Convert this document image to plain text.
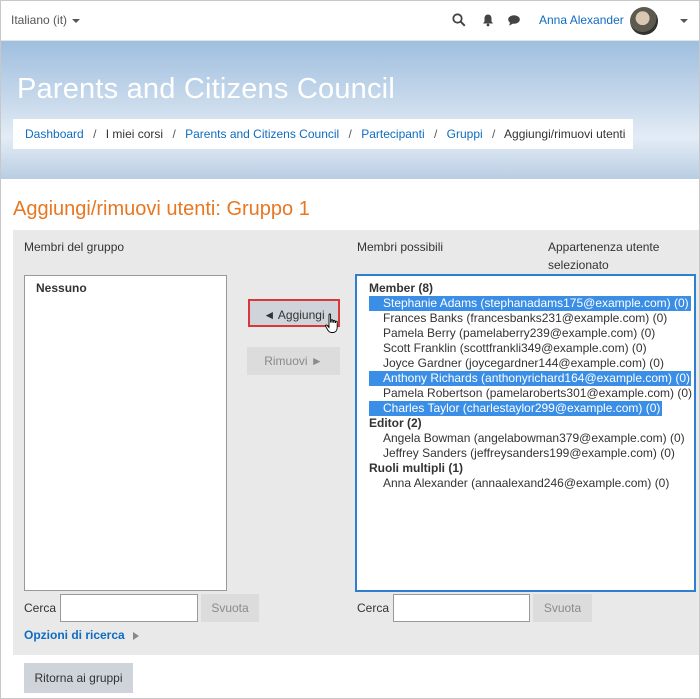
Italiano (it)	Anna Alexander
Parents and Citizens Council
Dashboard / I miei corsi / Parents and Citizens Council / Partecipanti / Gruppi / Aggiungi/rimuovi utenti
Aggiungi/rimuovi utenti: Gruppo 1
Membri del gruppo
Nessuno
Cerca	Svuota
◄ Aggiungi
Rimuovi ►
Membri possibili	Appartenenza utente
selezionato
Member (8)
Stephanie Adams (stephanadams175@example.com) (0)
Frances Banks (francesbanks231@example.com) (0)
Pamela Berry (pamelaberry239@example.com) (0)
Scott Franklin (scottfrankli349@example.com) (0)
Joyce Gardner (joycegardner144@example.com) (0)
Anthony Richards (anthonyrichard164@example.com) (0)
Pamela Robertson (pamelaroberts301@example.com) (0)
Charles Taylor (charlestaylor299@example.com) (0)
Editor (2)
Angela Bowman (angelabowman379@example.com) (0)
Jeffrey Sanders (jeffreysanders199@example.com) (0)
Ruoli multipli (1)
Anna Alexander (annaalexand246@example.com) (0)
Cerca	Svuota
Opzioni di ricerca
Ritorna ai gruppi
